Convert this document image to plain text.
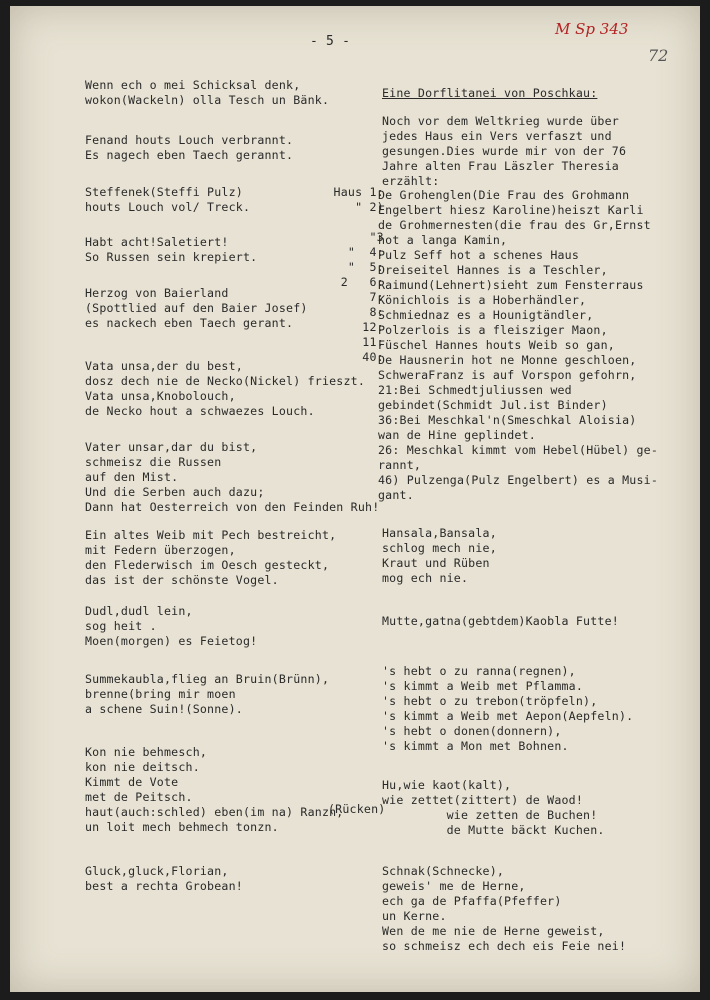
M Sp 343
72
- 5 -
Wenn ech o mei Schicksal denk,
wokon(Wackeln) olla Tesch un Bänk.
Fenand houts Louch verbrannt.
Es nagech eben Taech gerannt.
Steffenek(Steffi Pulz)
houts Louch vol/ Treck.
Habt acht!Saletiert!
So Russen sein krepiert.
Herzog von Baierland
(Spottlied auf den Baier Josef)
es nackech eben Taech gerant.
Vata unsa,der du best,
dosz dech nie de Necko(Nickel) frieszt.
Vata unsa,Knobolouch,
de Necko hout a schwaezes Louch.
Vater unsar,dar du bist,
schmeisz die Russen
auf den Mist.
Und die Serben auch dazu;
Dann hat Oesterreich von den Feinden Ruh!
Ein altes Weib mit Pech bestreicht,
mit Federn überzogen,
den Flederwisch im Oesch gesteckt,
das ist der schönste Vogel.
Dudl,dudl lein,
sog heit .
Moen(morgen) es Feietog!
Summekaubla,flieg an Bruin(Brünn),
brenne(bring mir moen
a schene Suin!(Sonne).
Kon nie behmesch,
kon nie deitsch.
Kimmt de Vote
met de Peitsch.
haut(auch:schled) eben(im na) Ranzn,
un loit mech behmech tonzn.
Gluck,gluck,Florian,
best a rechta Grobean!
Haus 1:
" 2)

"3
"  4:
"  5:
2   6:
7:
8:
12:
11:
40:
Eine Dorflitanei von Poschkau:
Noch vor dem Weltkrieg wurde über
jedes Haus ein Vers verfaszt und
gesungen.Dies wurde mir von der 76
Jahre alten Frau Läszler Theresia
erzählt:
De Grohenglen(Die Frau des Grohmann
Engelbert hiesz Karoline)heiszt Karli
de Grohmernesten(die frau des Gr,Ernst
hot a langa Kamin,
Pulz Seff hot a schenes Haus
Dreiseitel Hannes is a Teschler,
Raimund(Lehnert)sieht zum Fensterraus
Könichlois is a Hoberhändler,
Schmiednaz es a Hounigtändler,
Polzerlois is a fleisziger Maon,
Füschel Hannes houts Weib so gan,
De Hausnerin hot ne Monne geschloen,
SchweraFranz is auf Vorspon gefohrn,
21:Bei Schmedtjuliussen wed
gebindet(Schmidt Jul.ist Binder)
36:Bei Meschkal'n(Smeschkal Aloisia)
wan de Hine geplindet.
26: Meschkal kimmt vom Hebel(Hübel) ge-
rannt,
46) Pulzenga(Pulz Engelbert) es a Musi-
gant.
Hansala,Bansala,
schlog mech nie,
Kraut und Rüben
mog ech nie.
Mutte,gatna(gebtdem)Kaobla Futte!
's hebt o zu ranna(regnen),
's kimmt a Weib met Pflamma.
's hebt o zu trebon(tröpfeln),
's kimmt a Weib met Aepon(Aepfeln).
's hebt o donen(donnern),
's kimmt a Mon met Bohnen.
Hu,wie kaot(kalt),
wie zettet(zittert) de Waod!
wie zetten de Buchen!
de Mutte bäckt Kuchen.
(Rücken)
Schnak(Schnecke),
geweis' me de Herne,
ech ga de Pfaffa(Pfeffer)
un Kerne.
Wen de me nie de Herne geweist,
so schmeisz ech dech eis Feie nei!
